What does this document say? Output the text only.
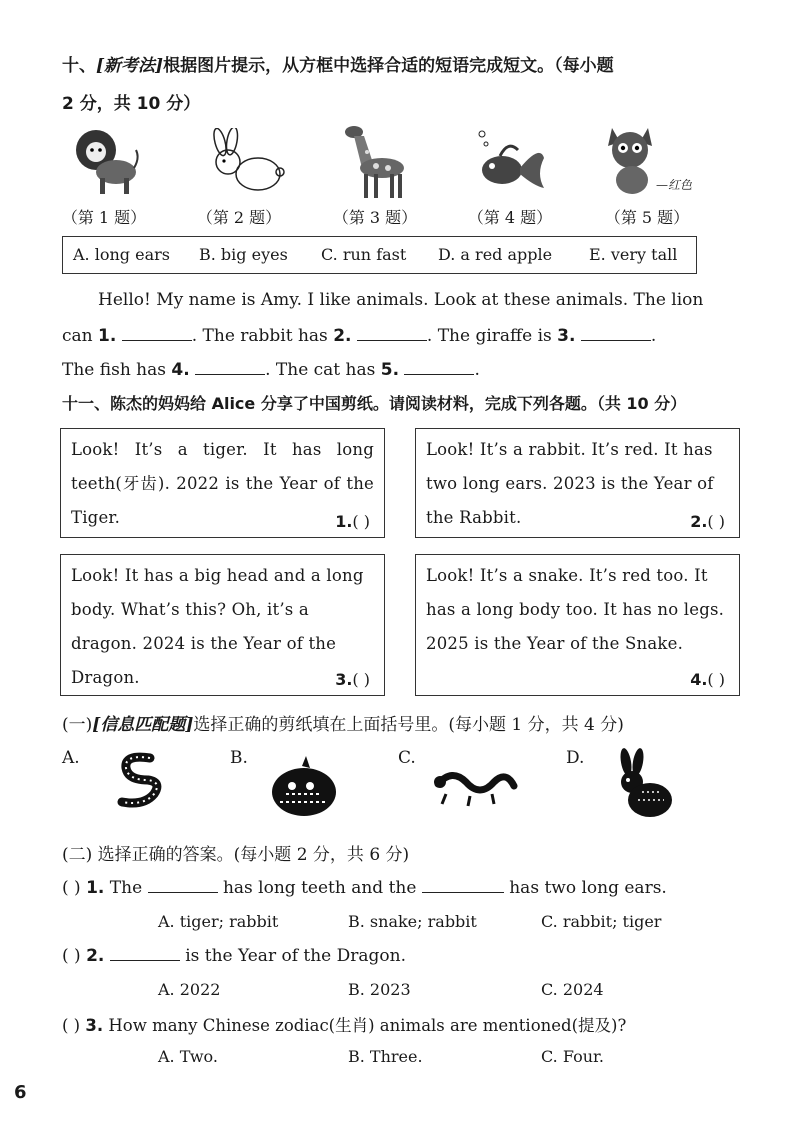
十、[新考法]根据图片提示，从方框中选择合适的短语完成短文。（每小题
2 分，共 10 分）
—红色
（第 1 题）	（第 2 题）	（第 3 题）	（第 4 题）	（第 5 题）
A. long ears B. big eyes C. run fast D. a red apple E. very tall
Hello! My name is Amy. I like animals. Look at these animals. The lion
can 1.	. The rabbit has 2.	. The giraffe is 3.	.
The fish has 4.	. The cat has 5.	.
十一、陈杰的妈妈给 Alice 分享了中国剪纸。请阅读材料，完成下列各题。（共 10 分）
Look! It’s a tiger. It has long teeth(牙齿). 2022 is the Year of the Tiger.	1.( )
Look! It’s a rabbit. It’s red. It has two long ears. 2023 is the Year of the Rabbit.	2.( )
Look! It has a big head and a long body. What’s this? Oh, it’s a dragon. 2024 is the Year of the Dragon.	3.( )
Look! It’s a snake. It’s red too. It has a long body too. It has no legs. 2025 is the Year of the Snake.
4.( )
(一)[信息匹配题]选择正确的剪纸填在上面括号里。(每小题 1 分，共 4 分)
A.	B.	C.	D.
(二) 选择正确的答案。(每小题 2 分，共 6 分)
( ) 1. The	has long teeth and the	has two long ears.
A. tiger; rabbit	B. snake; rabbit	C. rabbit; tiger
( ) 2.	is the Year of the Dragon.
A. 2022	B. 2023	C. 2024
( ) 3. How many Chinese zodiac(生肖) animals are mentioned(提及)?
A. Two.	B. Three.	C. Four.
6
